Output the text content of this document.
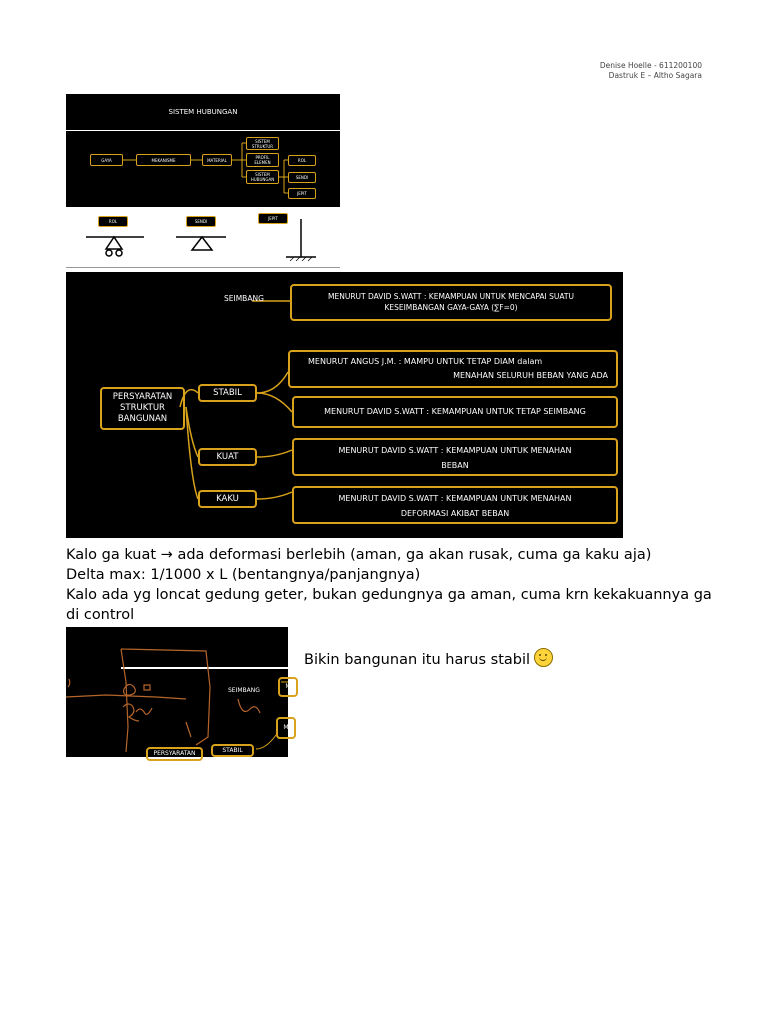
Denise Hoelle - 611200100
Dastruk E – Altho Sagara
SISTEM HUBUNGAN
GAYA	MEKANISME	MATERIAL
SISTEM STRUKTUR
PROFIL ELEMEN
SISTEM HUBUNGAN
ROL
SENDI
JEPIT
ROL	SENDI
JEPIT
SEIMBANG	MENURUT DAVID S.WATT : KEMAMPUAN UNTUK MENCAPAI SUATU
KESEIMBANGAN GAYA-GAYA (∑F=0)
PERSYARATAN
STRUKTUR
BANGUNAN
STABIL
KUAT
KAKU
MENURUT ANGUS J.M. : MAMPU UNTUK TETAP DIAM dalam
MENAHAN SELURUH BEBAN YANG ADA
MENURUT DAVID S.WATT : KEMAMPUAN UNTUK TETAP SEIMBANG
MENURUT DAVID S.WATT : KEMAMPUAN UNTUK MENAHAN
BEBAN
MENURUT DAVID S.WATT : KEMAMPUAN UNTUK MENAHAN
DEFORMASI AKIBAT BEBAN

Kalo ga kuat → ada deformasi berlebih (aman, ga akan rusak, cuma ga kaku aja)

Delta max: 1/1000 x L (bentangnya/panjangnya)

Kalo ada yg loncat gedung geter, bukan gedungnya ga aman, cuma krn kekakuannya ga di control

SEIMBANG
M
M
STABIL
PERSYARATAN
Bikin bangunan itu harus stabil
